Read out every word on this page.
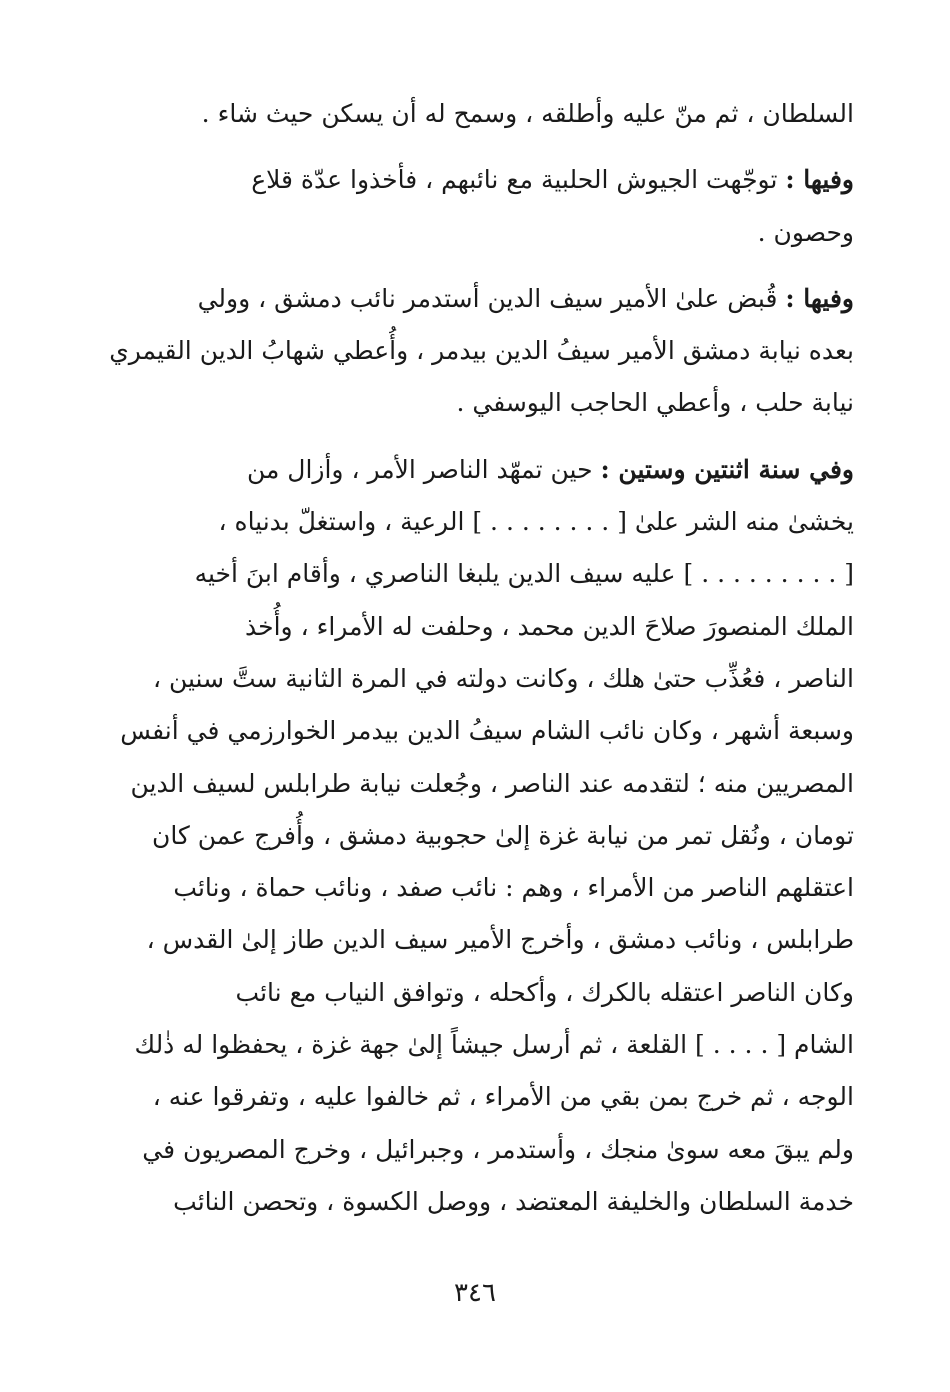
السلطان ، ثم منّ عليه وأطلقه ، وسمح له أن يسكن حيث شاء .
وفيها : توجّهت الجيوش الحلبية مع نائبهم ، فأخذوا عدّة قلاع
وحصون .
وفيها : قُبض علىٰ الأمير سيف الدين أستدمر نائب دمشق ، وولي
بعده نيابة دمشق الأمير سيفُ الدين بيدمر ، وأُعطي شهابُ الدين القيمري
نيابة حلب ، وأعطي الحاجب اليوسفي .
وفي سنة اثنتين وستين : حين تمهّد الناصر الأمر ، وأزال من
يخشىٰ منه الشر علىٰ [ . . . . . . . . ] الرعية ، واستغلّ بدنياه ،
[ . . . . . . . . . ] عليه سيف الدين يلبغا الناصري ، وأقام ابنَ أخيه
الملك المنصورَ صلاحَ الدين محمد ، وحلفت له الأمراء ، وأُخذ
الناصر ، فعُذِّب حتىٰ هلك ، وكانت دولته في المرة الثانية ستَّ سنين ،
وسبعة أشهر ، وكان نائب الشام سيفُ الدين بيدمر الخوارزمي في أنفس
المصريين منه ؛ لتقدمه عند الناصر ، وجُعلت نيابة طرابلس لسيف الدين
تومان ، ونُقل تمر من نيابة غزة إلىٰ حجوبية دمشق ، وأُفرج عمن كان
اعتقلهم الناصر من الأمراء ، وهم : نائب صفد ، ونائب حماة ، ونائب
طرابلس ، ونائب دمشق ، وأخرج الأمير سيف الدين طاز إلىٰ القدس ،
وكان الناصر اعتقله بالكرك ، وأكحله ، وتوافق النياب مع نائب
الشام [ . . . . ] القلعة ، ثم أرسل جيشاً إلىٰ جهة غزة ، يحفظوا له ذٰلك
الوجه ، ثم خرج بمن بقي من الأمراء ، ثم خالفوا عليه ، وتفرقوا عنه ،
ولم يبقَ معه سوىٰ منجك ، وأستدمر ، وجبرائيل ، وخرج المصريون في
خدمة السلطان والخليفة المعتضد ، ووصل الكسوة ، وتحصن النائب
٣٤٦
